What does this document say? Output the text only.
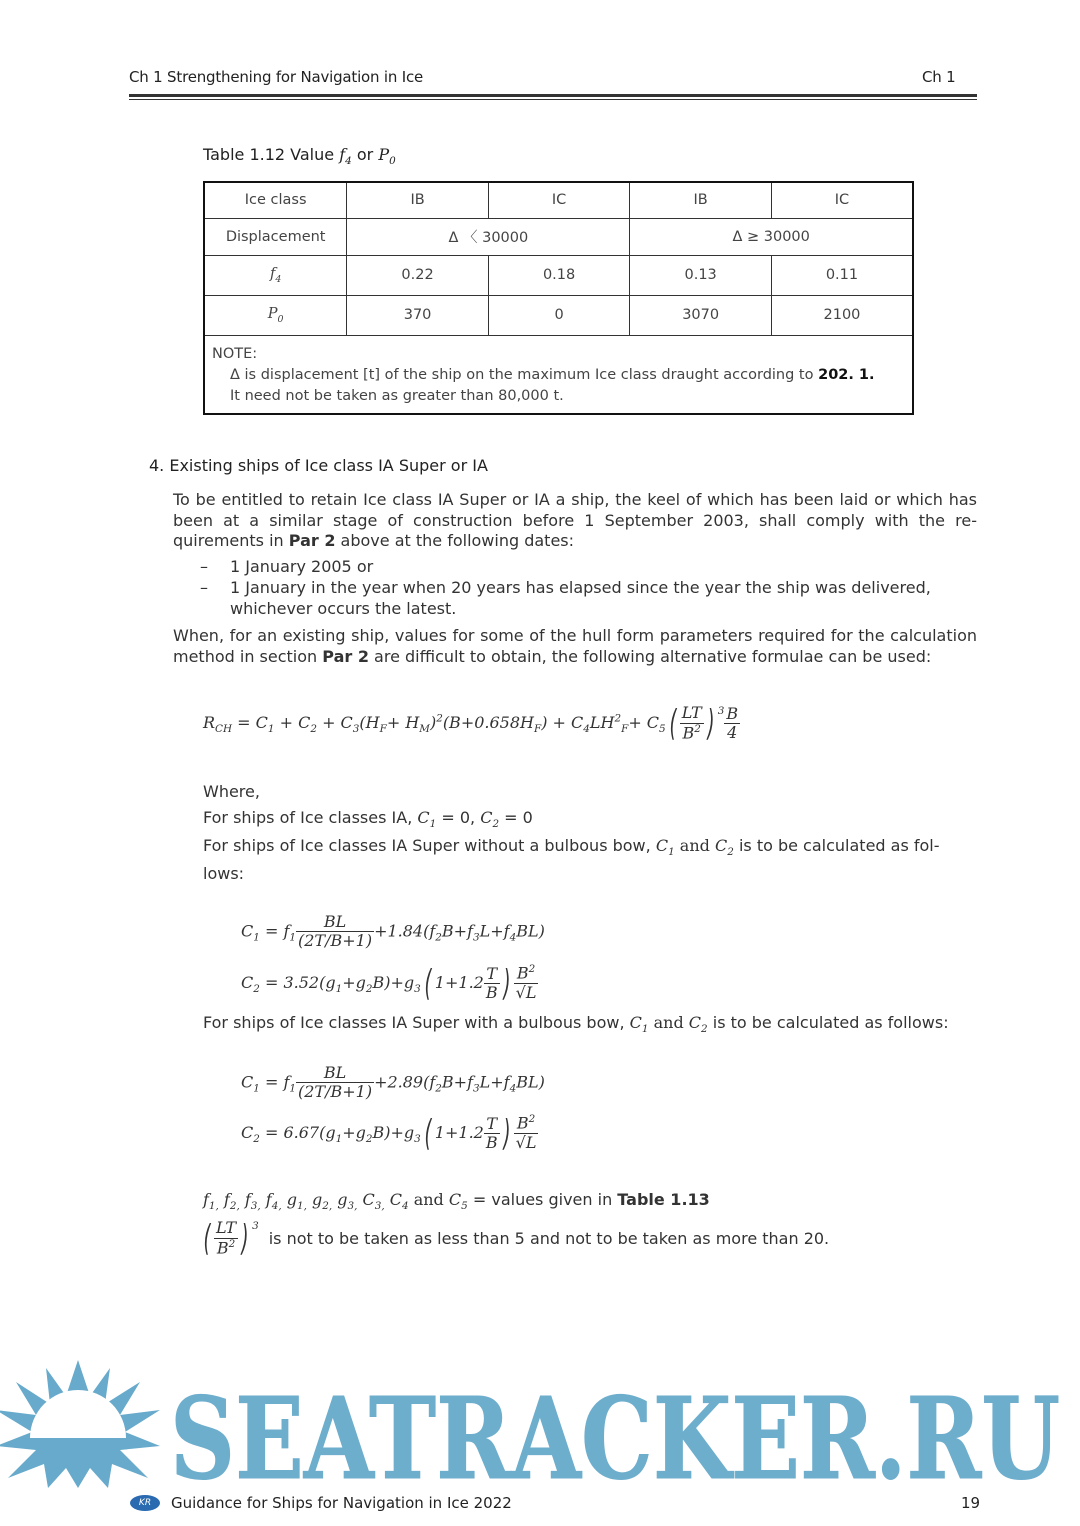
Ch 1 Strengthening for Navigation in Ice	Ch 1
Table 1.12 Value $f_4$ or $P_0$
Ice class	IB	IC	IB	IC
Displacement	Δ 〈 30000		Δ ≥ 30000	
$f_4$	0.22	0.18	0.13	0.11
$P_0$	370	0	3070	2100

NOTE:
Δ is displacement [t] of the ship on the maximum Ice class draught according to 202. 1.
It need not be taken as greater than 80,000 t.				
4. Existing ships of Ice class IA Super or IA
To be entitled to retain Ice class IA Super or IA a ship, the keel of which has been laid or which has been at a similar stage of construction before 1 September 2003, shall comply with the re-quirements in Par 2 above at the following dates:
– 1 January 2005 or
– 1 January in the year when 20 years has elapsed since the year the ship was delivered,
whichever occurs the latest.
When, for an existing ship, values for some of the hull form parameters required for the calculation method in section Par 2 are difficult to obtain, the following alternative formulae can be used:
$R_{CH} = C_1 + C_2 + C_3(H_F+ H_M)^2(B+0.658H_F) + C_4LH^2_F+ C_5( \frac{LT}{B^2}$ ) $^3 \frac{B}{4}$
Where,
For ships of Ice classes IA, $C_1 = 0$, $C_2 = 0$
For ships of Ice classes IA Super without a bulbous bow, $C_1$ and $C_2$ is to be calculated as fol-
lows:
$C_1 = f_1 \frac{BL}{(2T/B+1)} +1.84(f_2B+f_3L+f_4BL)$
$C_2 = 3.52(g_1+g_2B)+g_3$( $1+1.2 \frac{T}{B}$ ) $\frac{B^2}{√L}$
For ships of Ice classes IA Super with a bulbous bow, $C_1$ and $C_2$ is to be calculated as follows:
$C_1 = f_1 \frac{BL}{(2T/B+1)} +2.89(f_2B+f_3L+f_4BL)$
$C_2 = 6.67(g_1+g_2B)+g_3$( $1+1.2 \frac{T}{B}$ ) $\frac{B^2}{√L}$
$f_{1,}$ $f_{2,}$ $f_{3,}$ $f_{4,}$ $g_{1,}$ $g_{2,}$ $g_{3,}$ $C_{3,}$ $C_4$ and $C_5$ = values given in Table 1.13
( $\frac{LT}{B^2}$ ) $^3$
is not to be taken as less than 5 and not to be taken as more than 20.
SEATRACKER.RU
KR	Guidance for Ships for Navigation in Ice 2022	19
